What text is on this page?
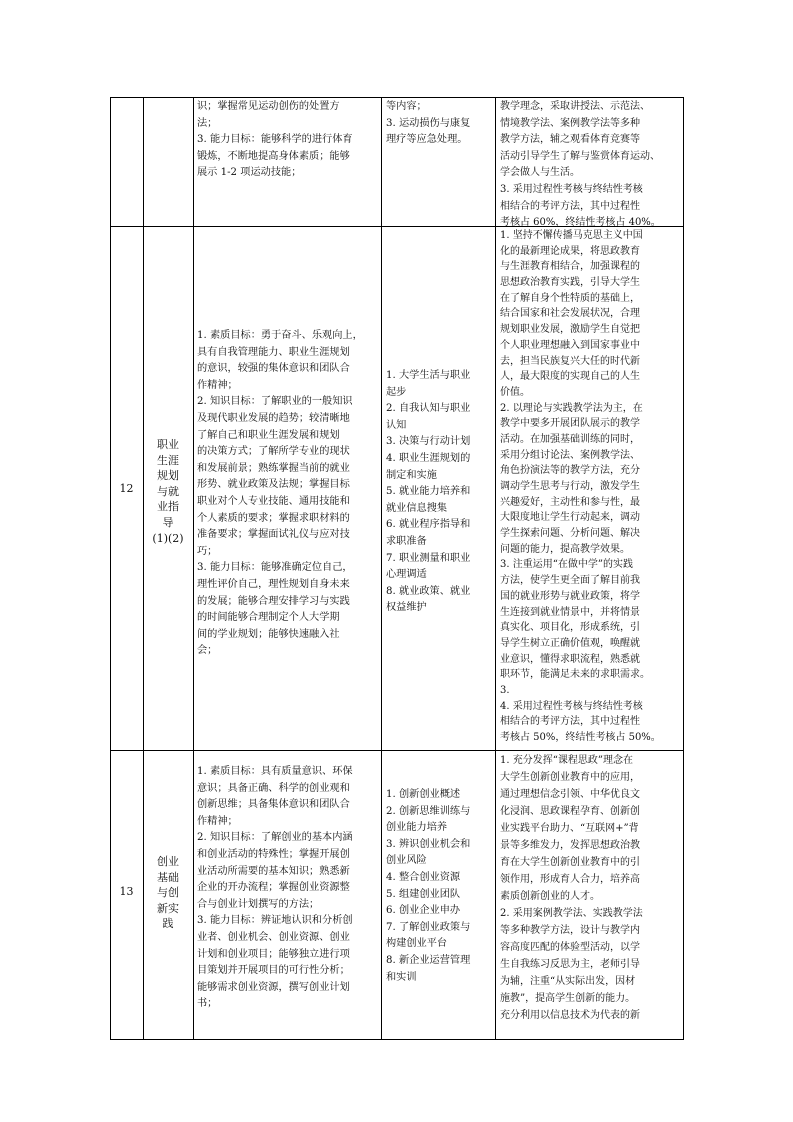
识；掌握常见运动创伤的处置方
法；
3. 能力目标：能够科学的进行体育
锻炼，不断地提高身体素质；能够
展示 1-2 项运动技能；
等内容；
3. 运动损伤与康复
理疗等应急处理。
教学理念，采取讲授法、示范法、
情境教学法、案例教学法等多种
教学方法，辅之观看体育竞赛等
活动引导学生了解与鉴赏体育运动、
学会做人与生活。
3. 采用过程性考核与终结性考核
相结合的考评方法，其中过程性
考核占 60%，终结性考核占 40%。
12
职业
生涯
规划
与就
业指
导
(1)(2)
1. 素质目标：勇于奋斗、乐观向上，
具有自我管理能力、职业生涯规划
的意识，较强的集体意识和团队合
作精神；
2. 知识目标：了解职业的一般知识
及现代职业发展的趋势；较清晰地
了解自己和职业生涯发展和规划
的决策方式；了解所学专业的现状
和发展前景；熟练掌握当前的就业
形势、就业政策及法规；掌握目标
职业对个人专业技能、通用技能和
个人素质的要求；掌握求职材料的
准备要求；掌握面试礼仪与应对技
巧；
3. 能力目标：能够准确定位自己，
理性评价自己，理性规划自身未来
的发展；能够合理安排学习与实践
的时间能够合理制定个人大学期
间的学业规划；能够快速融入社
会；
1. 大学生活与职业
起步
2. 自我认知与职业
认知
3. 决策与行动计划
4. 职业生涯规划的
制定和实施
5. 就业能力培养和
就业信息搜集
6. 就业程序指导和
求职准备
7. 职业测量和职业
心理调适
8. 就业政策、就业
权益维护
1. 坚持不懈传播马克思主义中国
化的最新理论成果，将思政教育
与生涯教育相结合，加强课程的
思想政治教育实践，引导大学生
在了解自身个性特质的基础上，
结合国家和社会发展状况，合理
规划职业发展，激励学生自觉把
个人职业理想融入到国家事业中
去，担当民族复兴大任的时代新
人，最大限度的实现自己的人生
价值。
2. 以理论与实践教学法为主，在
教学中要多开展团队展示的教学
活动。在加强基础训练的同时，
采用分组讨论法、案例教学法、
角色扮演法等的教学方法，充分
调动学生思考与行动，激发学生
兴趣爱好，主动性和参与性，最
大限度地让学生行动起来，调动
学生探索问题、分析问题、解决
问题的能力，提高教学效果。
3. 注重运用“在做中学”的实践
方法，使学生更全面了解目前我
国的就业形势与就业政策，将学
生连接到就业情景中，并将情景
真实化、项目化，形成系统，引
导学生树立正确价值观，唤醒就
业意识，懂得求职流程，熟悉就
职环节，能满足未来的求职需求。
3.
4. 采用过程性考核与终结性考核
相结合的考评方法，其中过程性
考核占 50%，终结性考核占 50%。
13
创业
基础
与创
新实
践
1. 素质目标：具有质量意识、环保
意识；具备正确、科学的创业观和
创新思维；具备集体意识和团队合
作精神；
2. 知识目标：了解创业的基本内涵
和创业活动的特殊性；掌握开展创
业活动所需要的基本知识；熟悉新
企业的开办流程；掌握创业资源整
合与创业计划撰写的方法；
3. 能力目标：辨证地认识和分析创
业者、创业机会、创业资源、创业
计划和创业项目；能够独立进行项
目策划并开展项目的可行性分析；
能够需求创业资源，撰写创业计划
书；
1. 创新创业概述
2. 创新思维训练与
创业能力培养
3. 辨识创业机会和
创业风险
4. 整合创业资源
5. 组建创业团队
6. 创业企业申办
7. 了解创业政策与
构建创业平台
8. 新企业运营管理
和实训
1. 充分发挥“课程思政”理念在
大学生创新创业教育中的应用，
通过理想信念引领、中华优良文
化浸润、思政课程孕育、创新创
业实践平台助力、“互联网+”背
景等多维发力，发挥思想政治教
育在大学生创新创业教育中的引
领作用，形成育人合力，培养高
素质创新创业的人才。
2. 采用案例教学法、实践教学法
等多种教学方法，设计与教学内
容高度匹配的体验型活动，以学
生自我练习反思为主，老师引导
为辅，注重“从实际出发，因材
施教”，提高学生创新的能力。
充分利用以信息技术为代表的新
